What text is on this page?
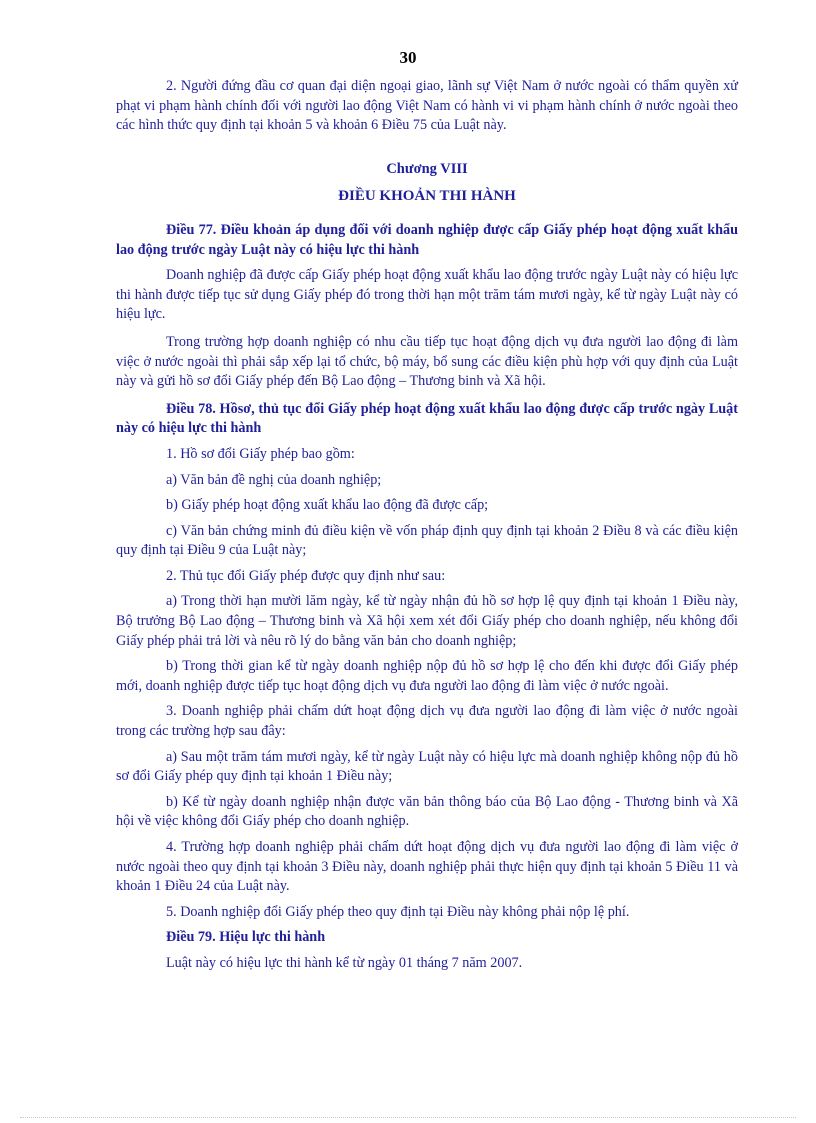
30

2. Người đứng đầu cơ quan đại diện ngoại giao, lãnh sự Việt Nam ở nước ngoài có thẩm quyền xử phạt vi phạm hành chính đối với người lao động Việt Nam có hành vi vi phạm hành chính ở nước ngoài theo các hình thức quy định tại khoản 5 và khoản 6 Điều 75 của Luật này.

Chương VIII
ĐIỀU KHOẢN THI HÀNH
Điều 77. Điều khoản áp dụng đối với doanh nghiệp được cấp Giấy phép hoạt động xuất khẩu lao động trước ngày Luật này có hiệu lực thi hành

Doanh nghiệp đã được cấp Giấy phép hoạt động xuất khẩu lao động trước ngày Luật này có hiệu lực thi hành được tiếp tục sử dụng Giấy phép đó trong thời hạn một trăm tám mươi ngày, kể từ ngày Luật này có hiệu lực.

Trong trường hợp doanh nghiệp có nhu cầu tiếp tục hoạt động dịch vụ đưa người lao động đi làm việc ở nước ngoài thì phải sắp xếp lại tổ chức, bộ máy, bổ sung các điều kiện phù hợp với quy định của Luật này và gửi hồ sơ đổi Giấy phép đến Bộ Lao động – Thương binh và Xã hội.

Điều 78. Hồsơ, thủ tục đổi Giấy phép hoạt động xuất khẩu lao động được cấp trước ngày Luật này có hiệu lực thi hành

1. Hồ sơ đổi Giấy phép bao gồm:

a) Văn bản đề nghị của doanh nghiệp;

b) Giấy phép hoạt động xuất khẩu lao động đã được cấp;

c) Văn bản chứng minh đủ điều kiện về vốn pháp định quy định tại khoản 2 Điều 8 và các điều kiện quy định tại Điều 9 của Luật này;

2. Thủ tục đổi Giấy phép được quy định như sau:

a) Trong thời hạn mười lăm ngày, kể từ ngày nhận đủ hồ sơ hợp lệ quy định tại khoản 1 Điều này, Bộ trưởng Bộ Lao động – Thương binh và Xã hội xem xét đổi Giấy phép cho doanh nghiệp, nếu không đổi Giấy phép phải trả lời và nêu rõ lý do bằng văn bản cho doanh nghiệp;

b) Trong thời gian kể từ ngày doanh nghiệp nộp đủ hồ sơ hợp lệ cho đến khi được đổi Giấy phép mới, doanh nghiệp được tiếp tục hoạt động dịch vụ đưa người lao động đi làm việc ở nước ngoài.

3. Doanh nghiệp phải chấm dứt hoạt động dịch vụ đưa người lao động đi làm việc ở nước ngoài trong các trường hợp sau đây:

a) Sau một trăm tám mươi ngày, kể từ ngày Luật này có hiệu lực mà doanh nghiệp không nộp đủ hồ sơ đổi Giấy phép quy định tại khoản 1 Điều này;

b) Kể từ ngày doanh nghiệp nhận được văn bản thông báo của Bộ Lao động - Thương binh và Xã hội về việc không đổi Giấy phép cho doanh nghiệp.

4. Trường hợp doanh nghiệp phải chấm dứt hoạt động dịch vụ đưa người lao động đi làm việc ở nước ngoài theo quy định tại khoản 3 Điều này, doanh nghiệp phải thực hiện quy định tại khoản 5 Điều 11 và khoản 1 Điều 24 của Luật này.

5. Doanh nghiệp đổi Giấy phép theo quy định tại Điều này không phải nộp lệ phí.

Điều 79. Hiệu lực thi hành

Luật này có hiệu lực thi hành kể từ ngày 01 tháng 7 năm 2007.
